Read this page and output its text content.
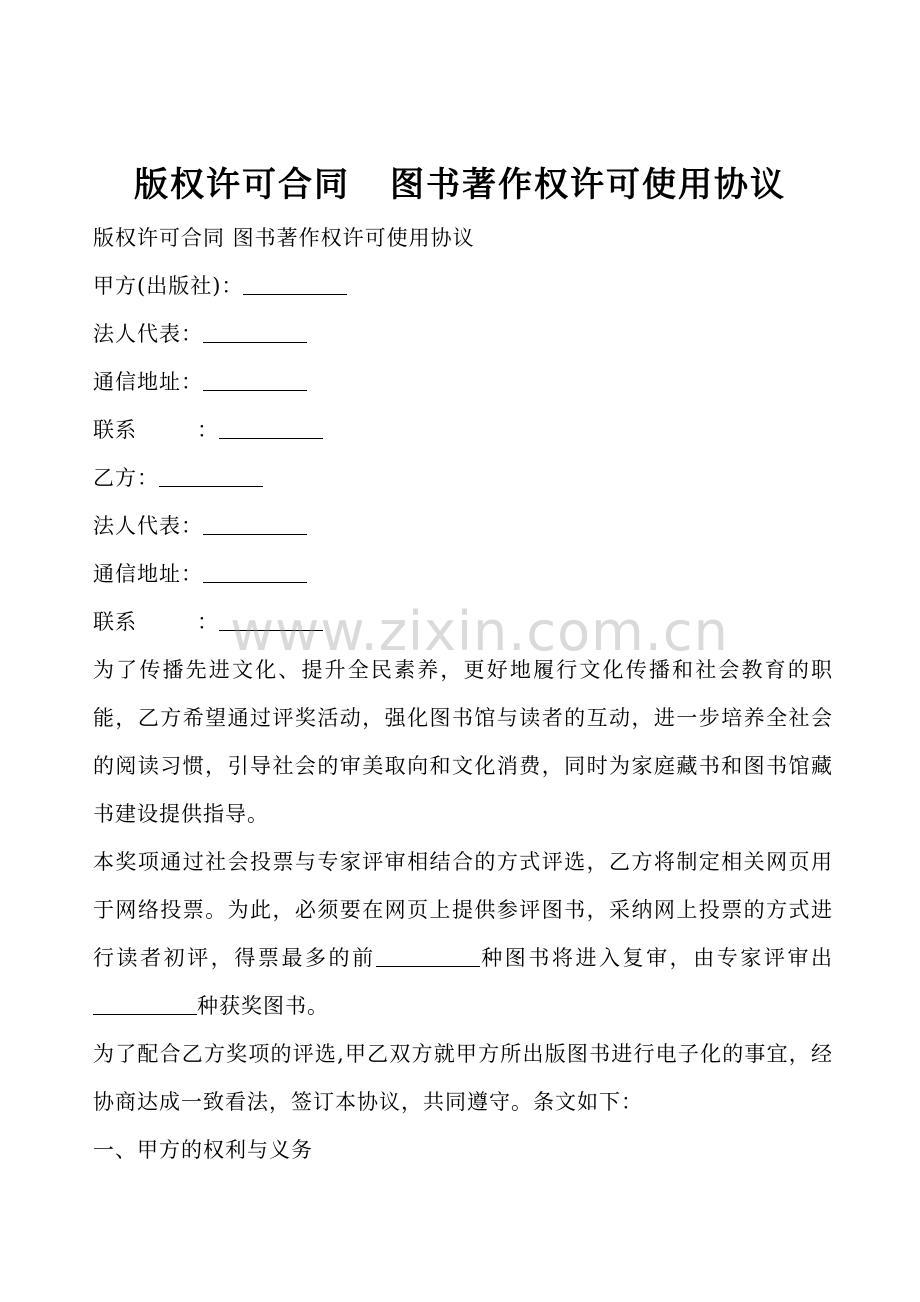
版权许可合同 图书著作权许可使用协议
版权许可合同 图书著作权许可使用协议
甲方(出版社)：
法人代表：
通信地址：
联系	：
乙方：
法人代表：
通信地址：
联系	：
为了传播先进文化、提升全民素养，更好地履行文化传播和社会教育的职能，乙方希望通过评奖活动，强化图书馆与读者的互动，进一步培养全社会的阅读习惯，引导社会的审美取向和文化消费，同时为家庭藏书和图书馆藏书建设提供指导。
本奖项通过社会投票与专家评审相结合的方式评选，乙方将制定相关网页用于网络投票。为此，必须要在网页上提供参评图书，采纳网上投票的方式进行读者初评，得票最多的前	种图书将进入复审，由专家评审出种获奖图书。
为了配合乙方奖项的评选,甲乙双方就甲方所出版图书进行电子化的事宜，经协商达成一致看法，签订本协议，共同遵守。条文如下：
一、甲方的权利与义务
www.zixin.com.cn
